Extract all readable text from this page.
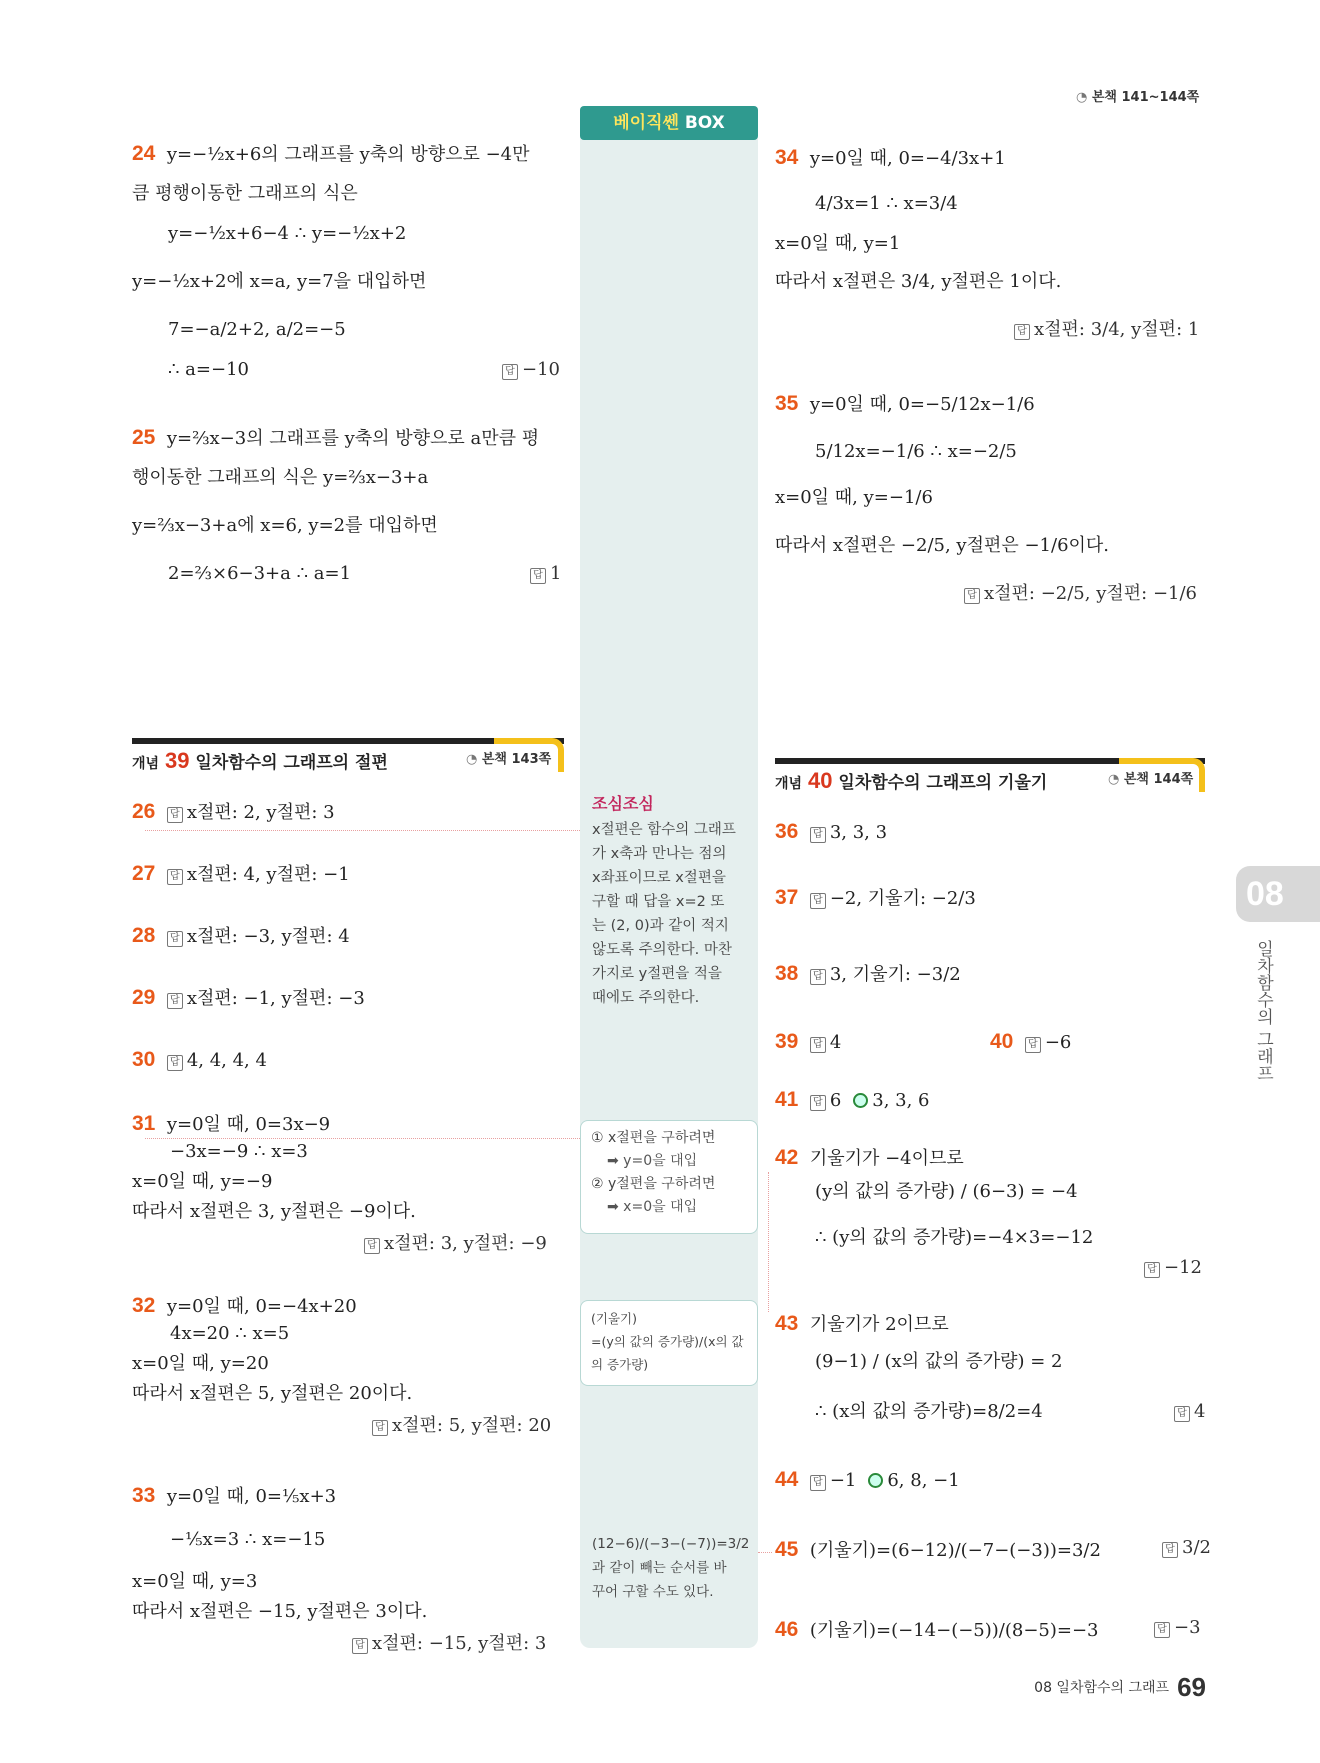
◔ 본책 141~144쪽
베이직쎈 BOX
24 y=−½x+6의 그래프를 y축의 방향으로 −4만
큼 평행이동한 그래프의 식은
y=−½x+6−4 ∴ y=−½x+2
y=−½x+2에 x=a, y=7을 대입하면
7=−a/2+2, a/2=−5
∴ a=−10	답 −10
25 y=⅔x−3의 그래프를 y축의 방향으로 a만큼 평
행이동한 그래프의 식은 y=⅔x−3+a
y=⅔x−3+a에 x=6, y=2를 대입하면
2=⅔×6−3+a ∴ a=1	답 1
34 y=0일 때, 0=−4/3x+1
4/3x=1 ∴ x=3/4
x=0일 때, y=1
따라서 x절편은 3/4, y절편은 1이다.
답 x절편: 3/4, y절편: 1
35 y=0일 때, 0=−5/12x−1/6
5/12x=−1/6 ∴ x=−2/5
x=0일 때, y=−1/6
따라서 x절편은 −2/5, y절편은 −1/6이다.
답 x절편: −2/5, y절편: −1/6
개념 39 일차함수의 그래프의 절편	◔ 본책 143쪽
개념 40 일차함수의 그래프의 기울기	◔ 본책 144쪽
26 답 x절편: 2, y절편: 3
27 답 x절편: 4, y절편: −1
28 답 x절편: −3, y절편: 4
29 답 x절편: −1, y절편: −3
30 답 4, 4, 4, 4
31 y=0일 때, 0=3x−9
−3x=−9 ∴ x=3
x=0일 때, y=−9
따라서 x절편은 3, y절편은 −9이다.
답 x절편: 3, y절편: −9
32 y=0일 때, 0=−4x+20
4x=20 ∴ x=5
x=0일 때, y=20
따라서 x절편은 5, y절편은 20이다.
답 x절편: 5, y절편: 20
33 y=0일 때, 0=⅕x+3
−⅕x=3 ∴ x=−15
x=0일 때, y=3
따라서 x절편은 −15, y절편은 3이다.
답 x절편: −15, y절편: 3
조심조심
x절편은 함수의 그래프
가 x축과 만나는 점의
x좌표이므로 x절편을
구할 때 답을 x=2 또
는 (2, 0)과 같이 적지
않도록 주의한다. 마찬
가지로 y절편을 적을
때에도 주의한다.
① x절편을 구하려면
➡ y=0을 대입
② y절편을 구하려면
➡ x=0을 대입
(기울기)
=(y의 값의 증가량)/(x의 값의 증가량)
(12−6)/(−3−(−7))=3/2
과 같이 빼는 순서를 바
꾸어 구할 수도 있다.
36 답 3, 3, 3
37 답 −2, 기울기: −2/3
38 답 3, 기울기: −3/2
39 답 4	40 답 −6
41 답 6 3, 3, 6
42 기울기가 −4이므로
(y의 값의 증가량) / (6−3) = −4
∴ (y의 값의 증가량)=−4×3=−12
답 −12
43 기울기가 2이므로
(9−1) / (x의 값의 증가량) = 2
∴ (x의 값의 증가량)=8/2=4	답 4
44 답 −1 6, 8, −1
45 (기울기)=(6−12)/(−7−(−3))=3/2	답 3/2
46 (기울기)=(−14−(−5))/(8−5)=−3	답 −3
08
일차함수의 그래프
08 일차함수의 그래프 69
